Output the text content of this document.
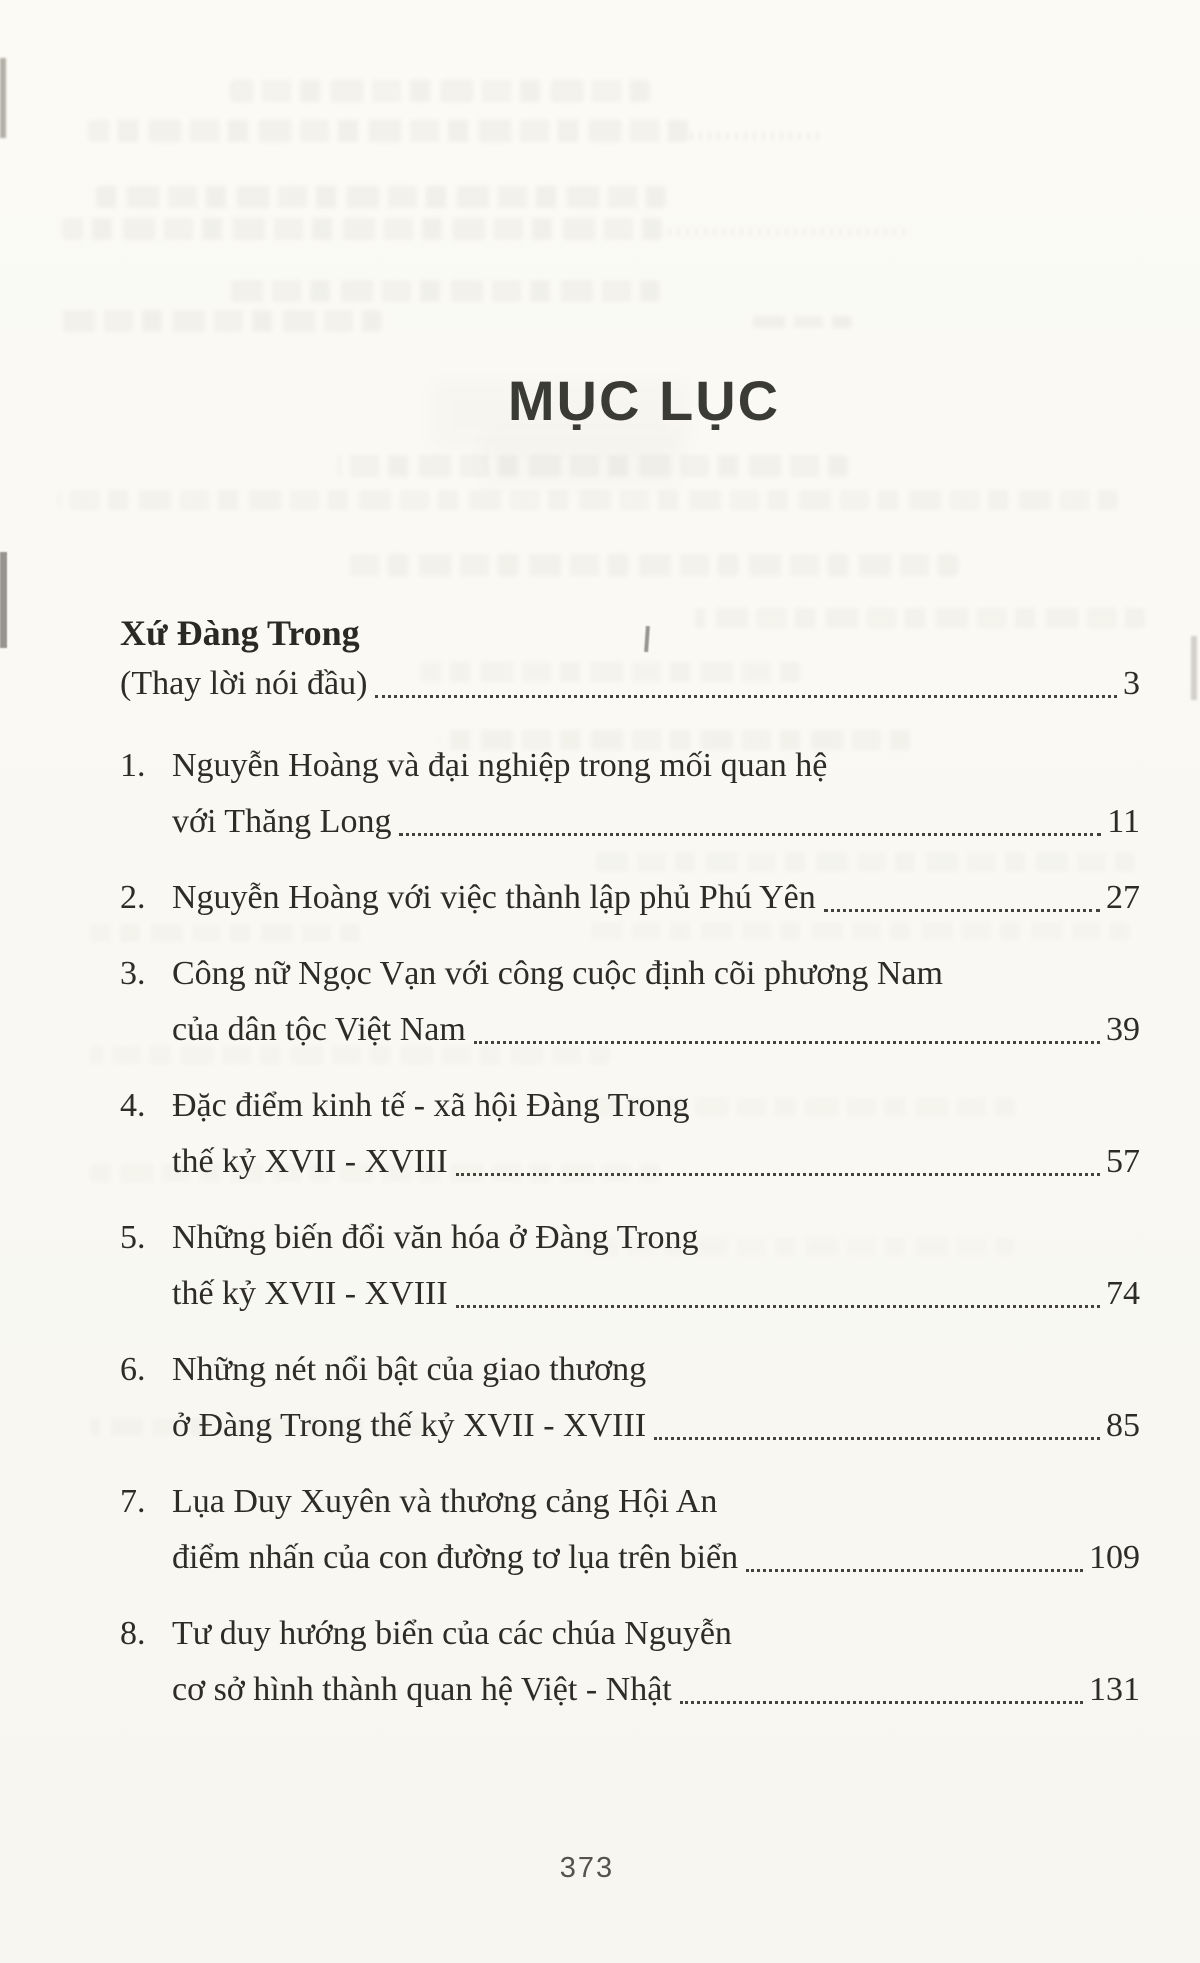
MỤC LỤC
Xứ Đàng Trong
(Thay lời nói đầu)	3
1. Nguyễn Hoàng và đại nghiệp trong mối quan hệ
với Thăng Long	11
2. Nguyễn Hoàng với việc thành lập phủ Phú Yên	27
3. Công nữ Ngọc Vạn với công cuộc định cõi phương Nam
của dân tộc Việt Nam	39
4. Đặc điểm kinh tế - xã hội Đàng Trong
thế kỷ XVII - XVIII	57
5. Những biến đổi văn hóa ở Đàng Trong
thế kỷ XVII - XVIII	74
6. Những nét nổi bật của giao thương
ở Đàng Trong thế kỷ XVII - XVIII	85
7. Lụa Duy Xuyên và thương cảng Hội An
điểm nhấn của con đường tơ lụa trên biển	109
8. Tư duy hướng biển của các chúa Nguyễn
cơ sở hình thành quan hệ Việt - Nhật	131
373
